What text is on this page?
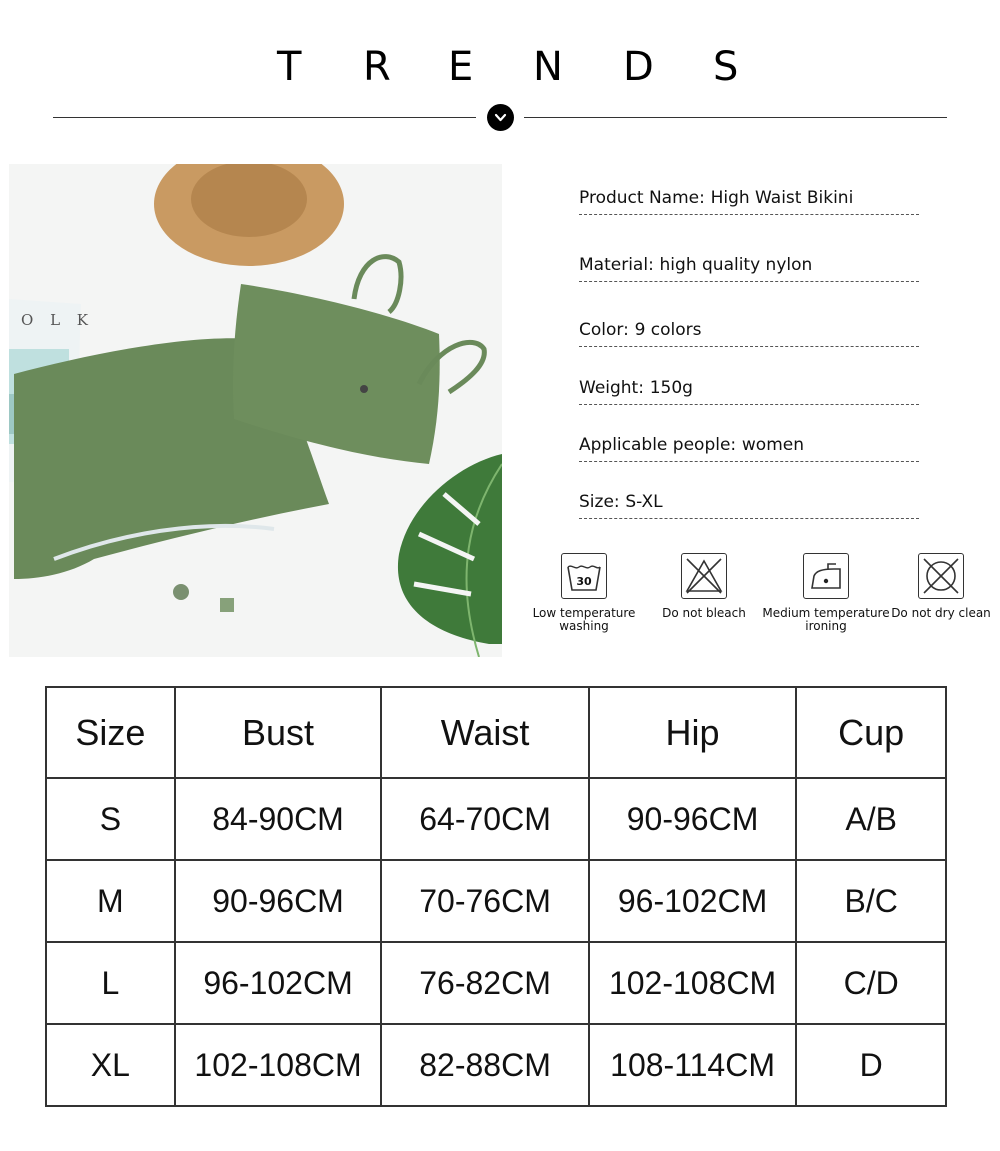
T R E N D S
O L K
Product Name: High Waist Bikini
Material: high quality nylon
Color: 9 colors
Weight: 150g
Applicable people: women
Size: S-XL
30
Low temperature
washing
Do not bleach	Medium temperature
ironing
Do not dry clean
Size	Bust	Waist	Hip	Cup
S	84-90CM	64-70CM	90-96CM	A/B
M	90-96CM	70-76CM	96-102CM	B/C
L	96-102CM	76-82CM	102-108CM	C/D
XL	102-108CM	82-88CM	108-114CM	D
